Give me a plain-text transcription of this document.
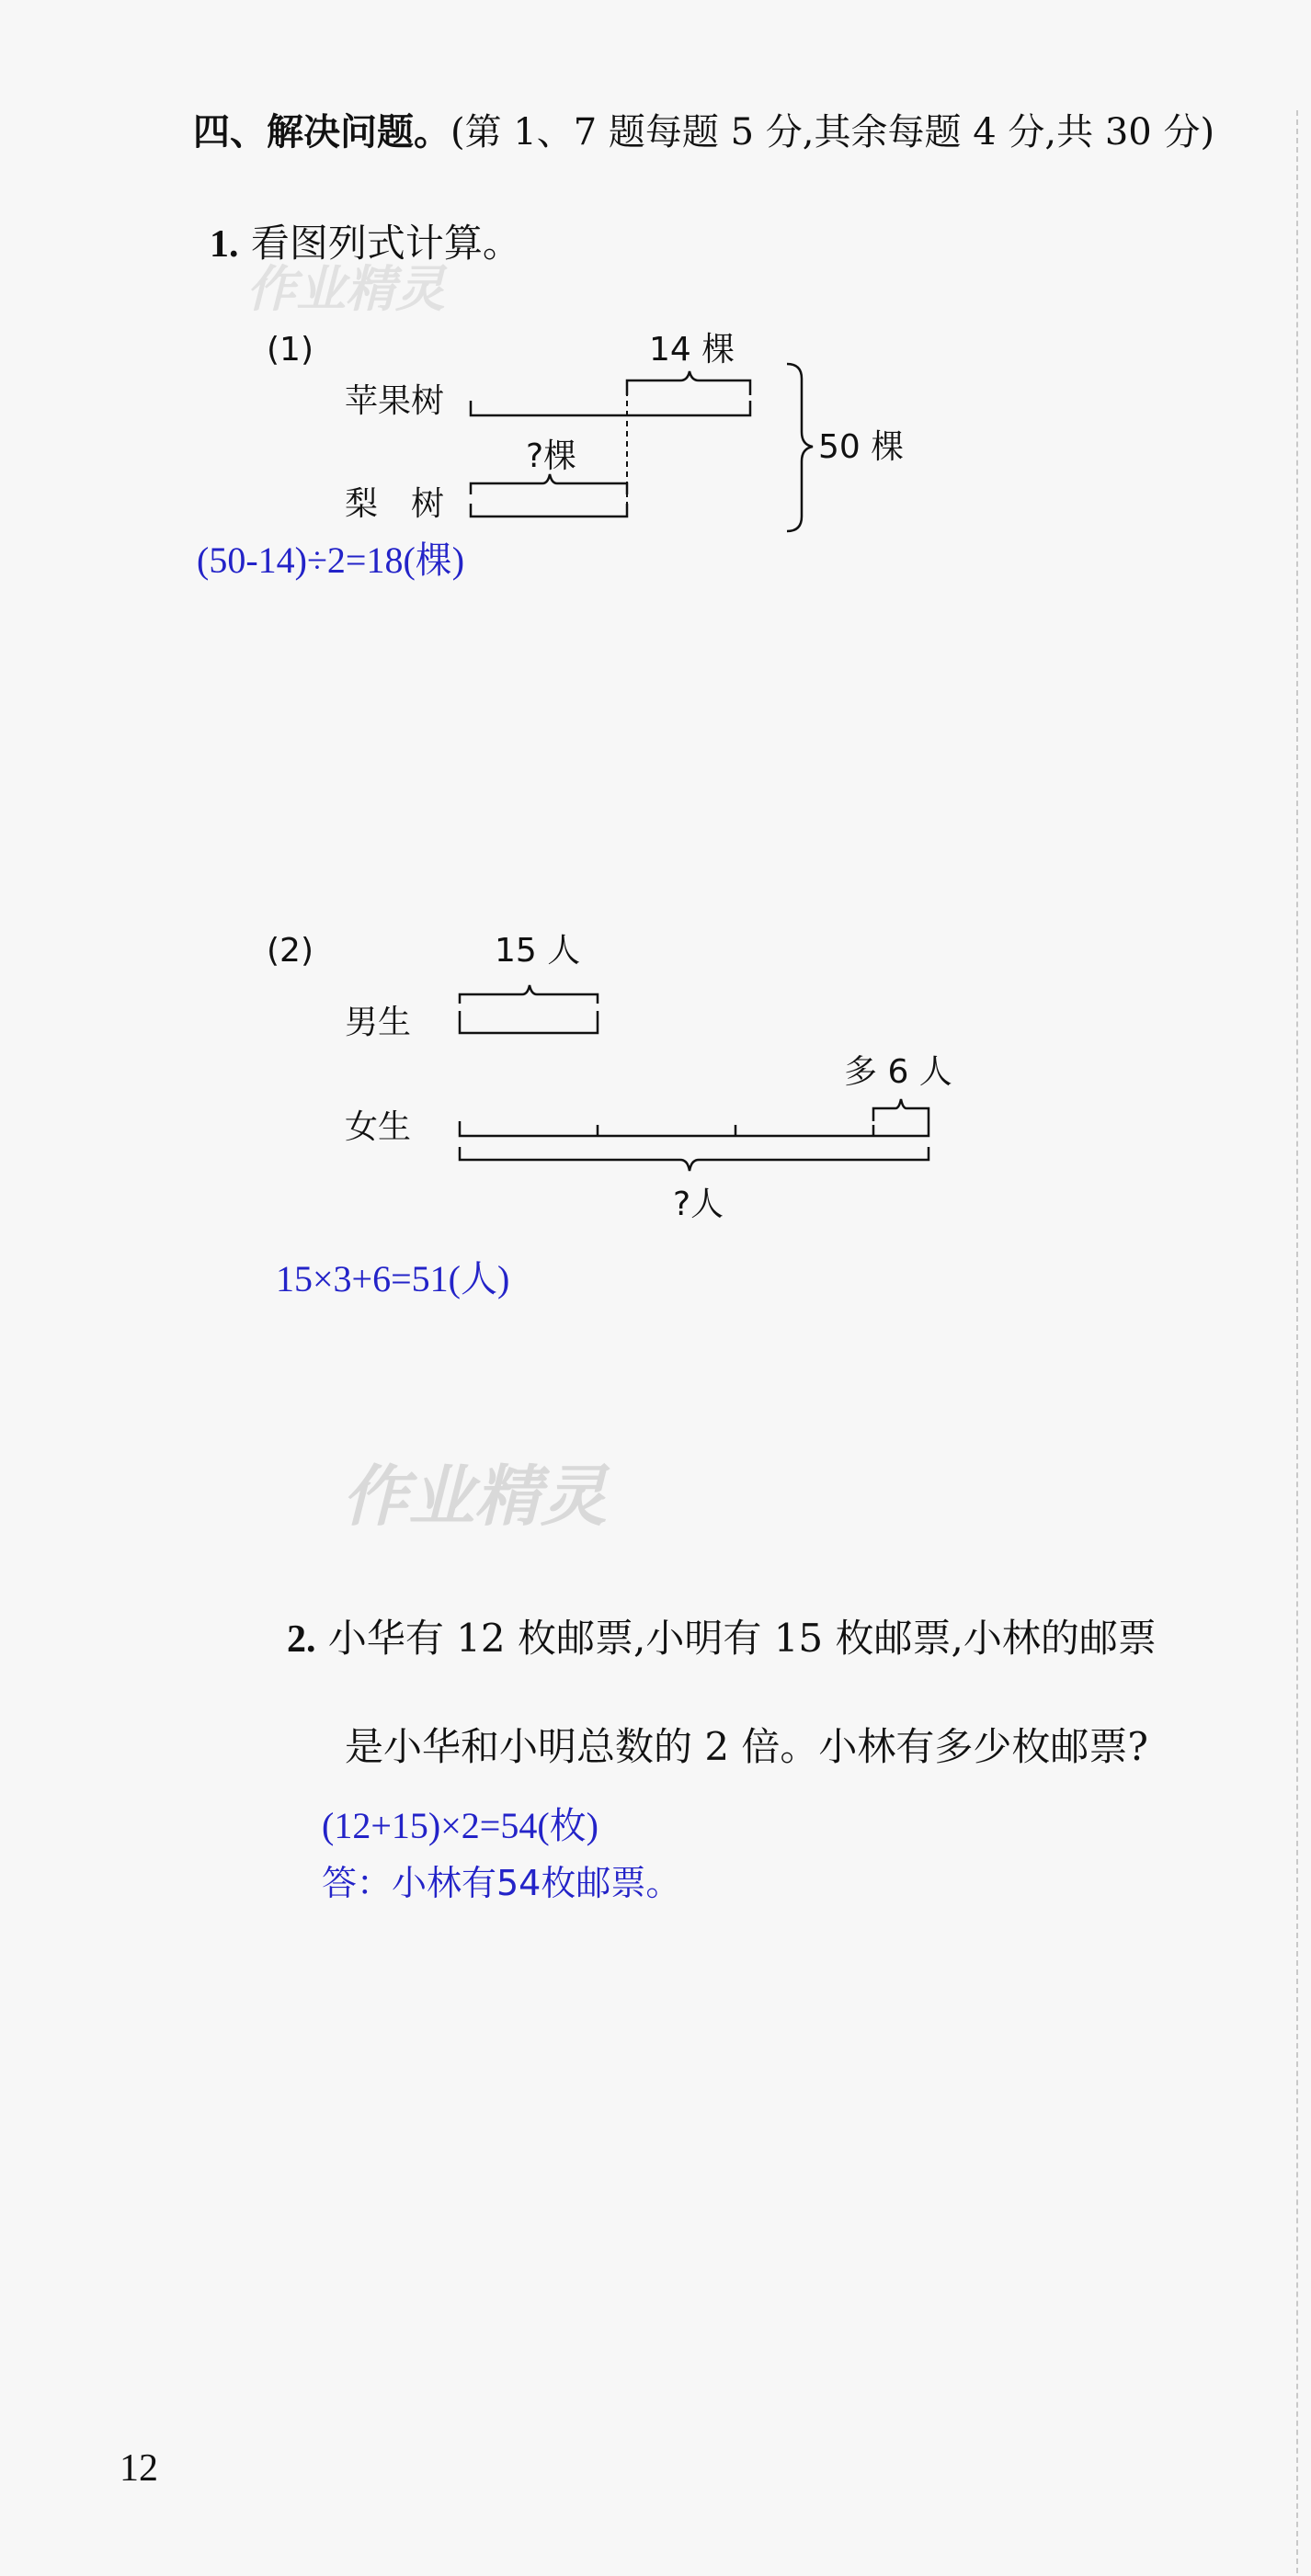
四、解决问题。(第 1、7 题每题 5 分,其余每题 4 分,共 30 分)
1. 看图列式计算。
作业精灵
(1)	14 棵
苹果树
?棵	50 棵
梨　树
(2)	15 人
男生
多 6 人
女生
?人
(50-14)÷2=18(棵)
15×3+6=51(人)
作业精灵
2. 小华有 12 枚邮票,小明有 15 枚邮票,小林的邮票
是小华和小明总数的 2 倍。小林有多少枚邮票?
(12+15)×2=54(枚)
答：小林有54枚邮票。
12
